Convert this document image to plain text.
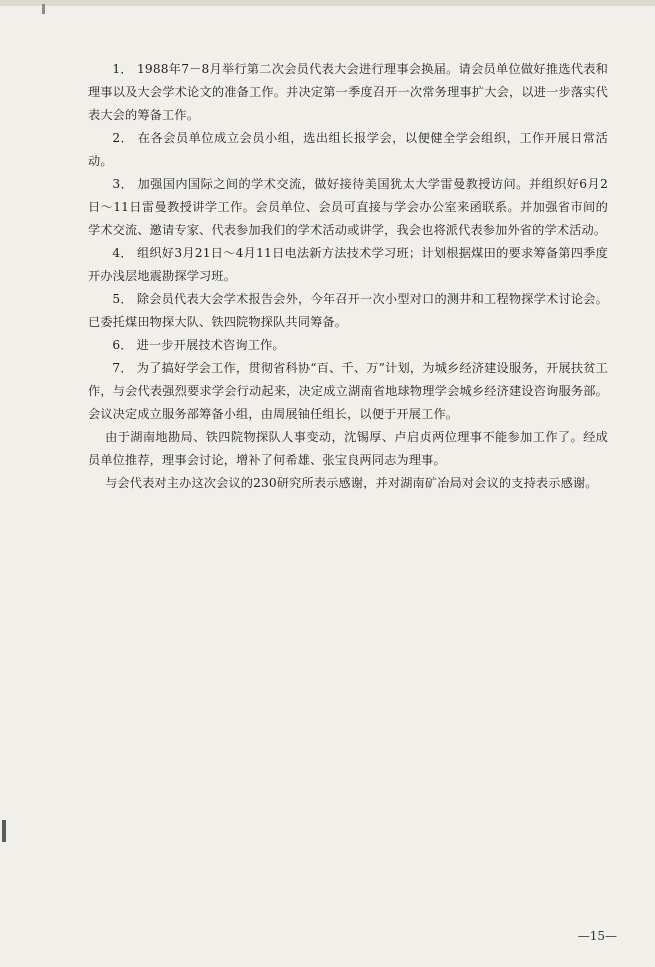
1． 1988年7－8月举行第二次会员代表大会进行理事会换届。请会员单位做好推选代表和理事以及大会学术论文的准备工作。并决定第一季度召开一次常务理事扩大会，以进一步落实代表大会的筹备工作。

2． 在各会员单位成立会员小组，选出组长报学会，以便健全学会组织，工作开展日常活动。

3． 加强国内国际之间的学术交流，做好接待美国犹太大学雷曼教授访问。并组织好6月2日～11日雷曼教授讲学工作。会员单位、会员可直接与学会办公室来函联系。并加强省市间的学术交流、邀请专家、代表参加我们的学术活动或讲学，我会也将派代表参加外省的学术活动。

4． 组织好3月21日～4月11日电法新方法技术学习班；计划根据煤田的要求筹备第四季度开办浅层地震勘探学习班。

5． 除会员代表大会学术报告会外，今年召开一次小型对口的测井和工程物探学术讨论会。已委托煤田物探大队、铁四院物探队共同筹备。

6． 进一步开展技术咨询工作。

7． 为了搞好学会工作，贯彻省科协“百、千、万”计划，为城乡经济建设服务，开展扶贫工作，与会代表强烈要求学会行动起来，决定成立湖南省地球物理学会城乡经济建设咨询服务部。会议决定成立服务部筹备小组，由周展铀任组长，以便于开展工作。

由于湖南地勘局、铁四院物探队人事变动，沈锡厚、卢启贞两位理事不能参加工作了。经成员单位推荐，理事会讨论，增补了何希雄、张宝良两同志为理事。

与会代表对主办这次会议的230研究所表示感谢，并对湖南矿冶局对会议的支持表示感谢。

—15—
